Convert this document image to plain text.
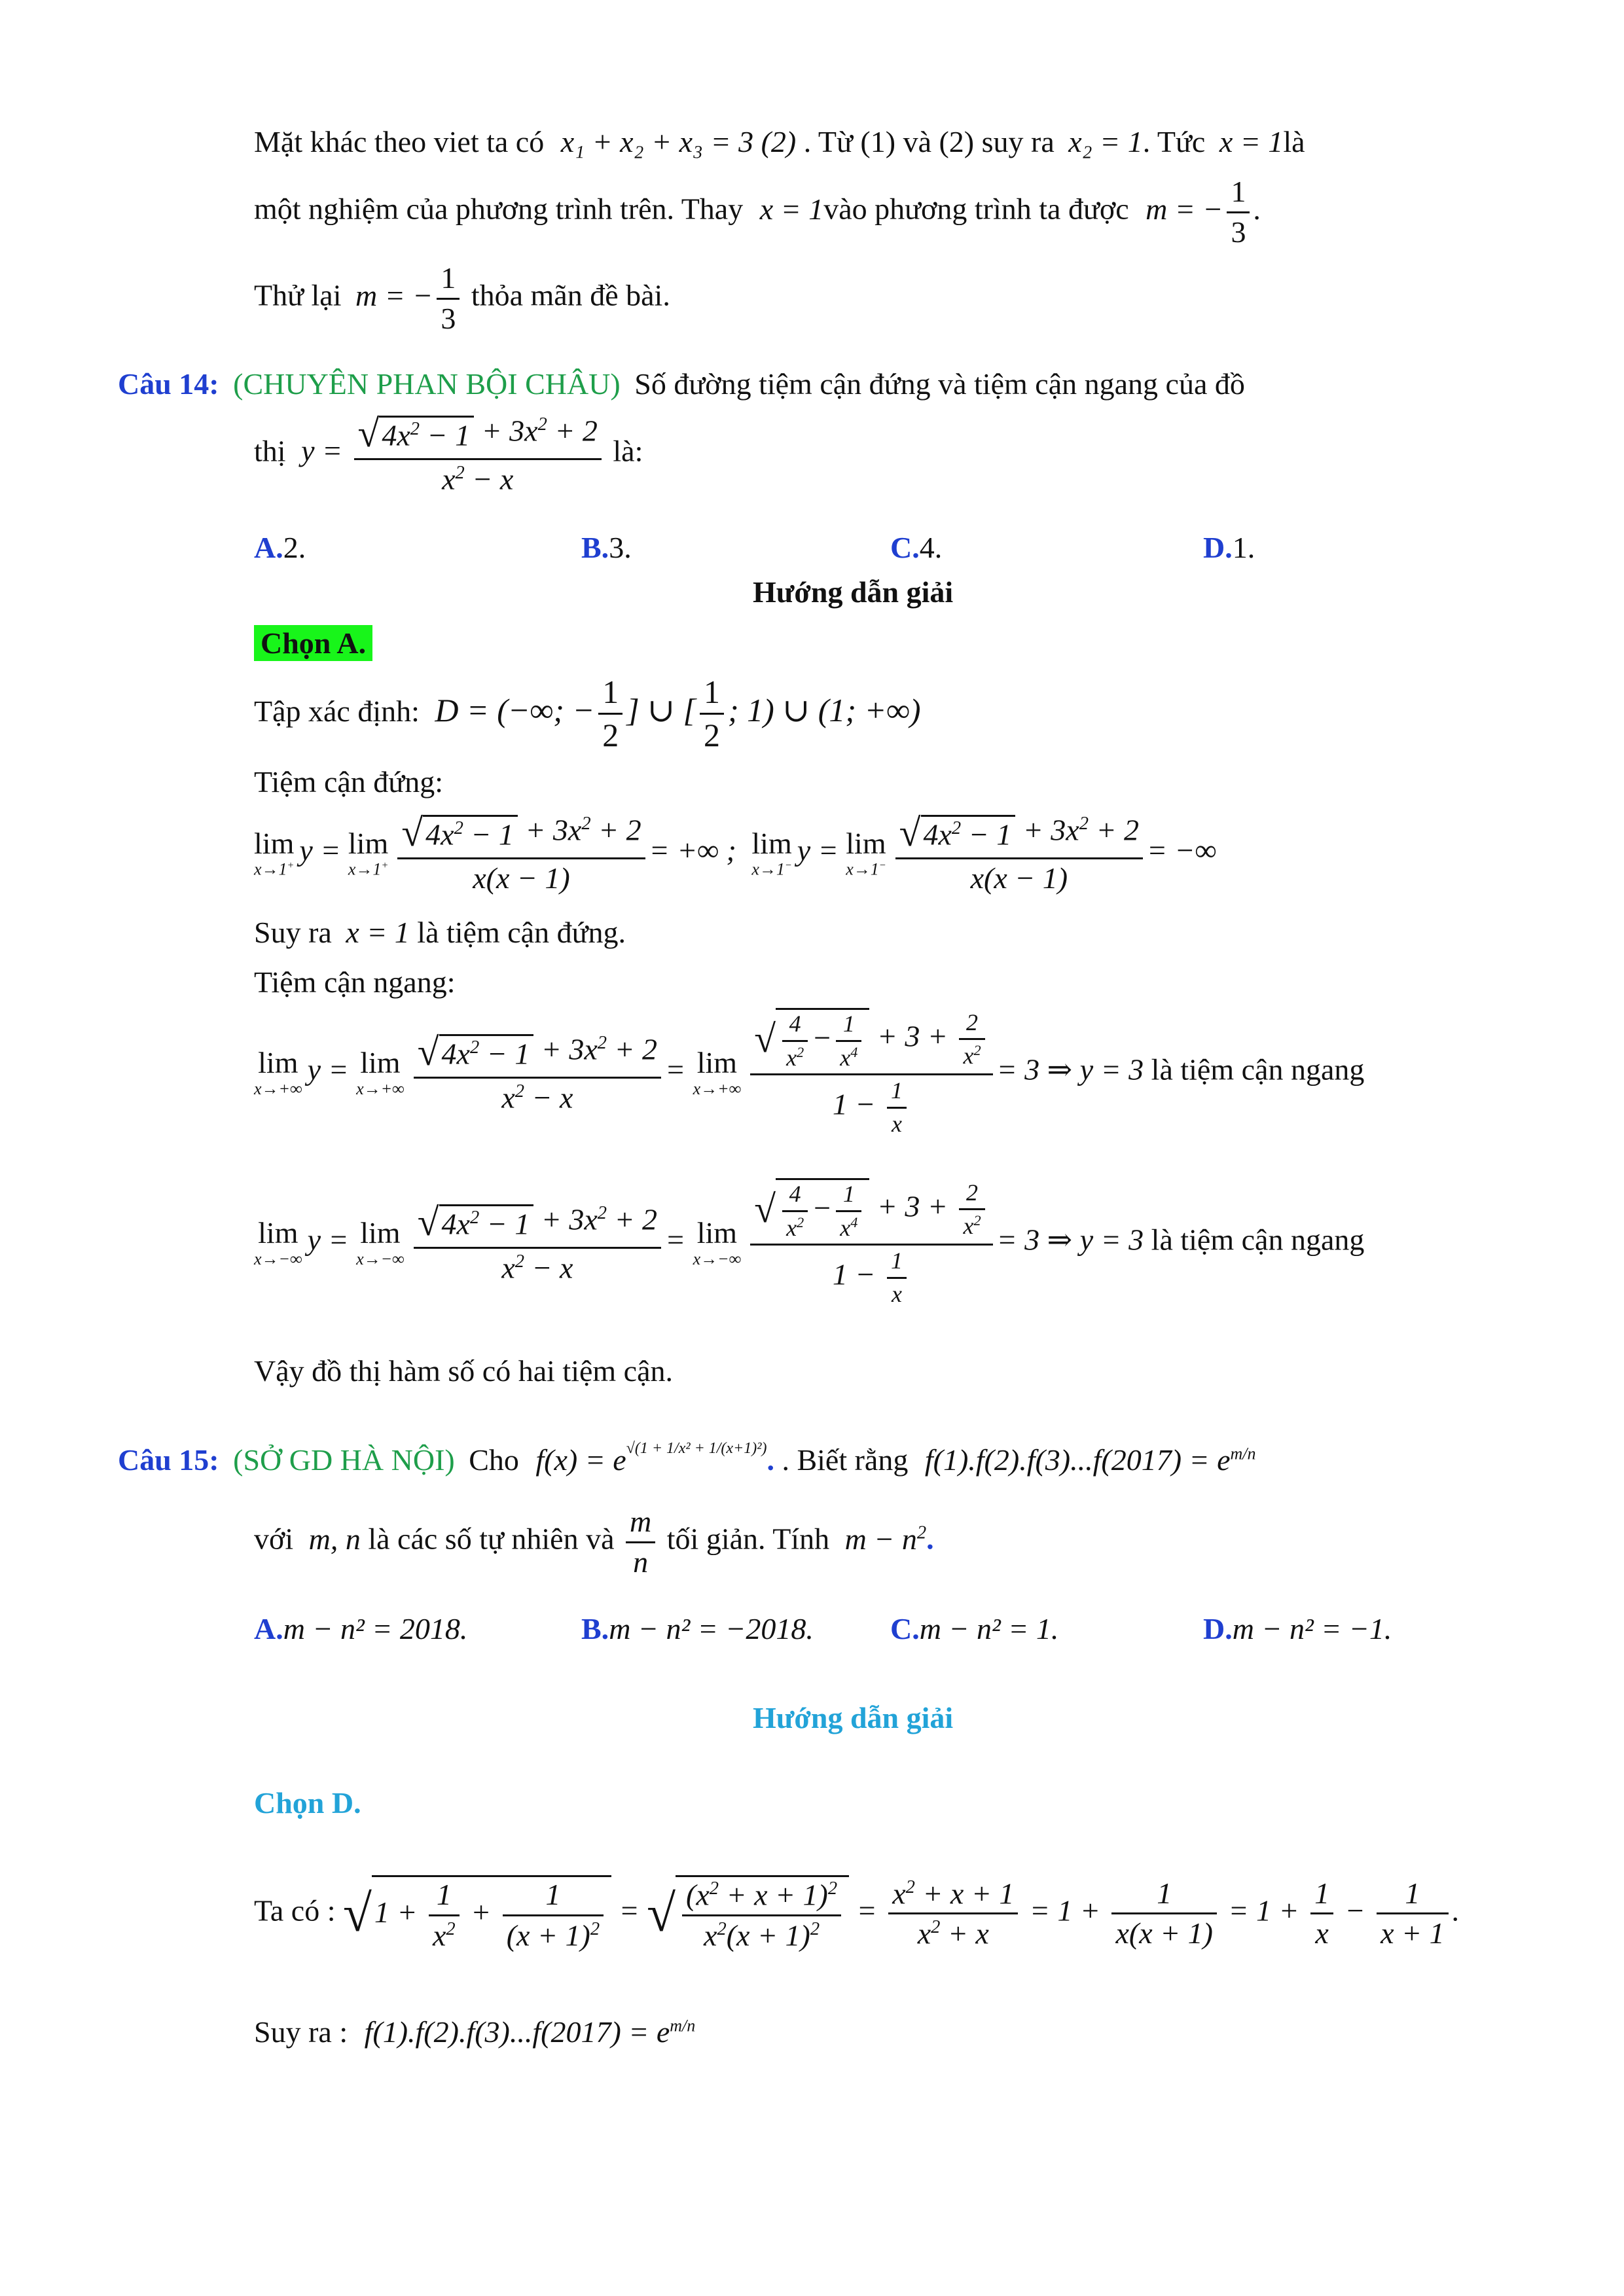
Mặt khác theo viet ta có x₁ + x₂ + x₃ = 3 (2) . Từ (1) và (2) suy ra x₂ = 1. Tức x = 1là
một nghiệm của phương trình trên. Thay x = 1vào phương trình ta được m = − $\frac{1}{3}$ .
Thử lại m = − $\frac{1}{3}$ thỏa mãn đề bài.
Câu 14: (CHUYÊN PHAN BỘI CHÂU) Số đường tiệm cận đứng và tiệm cận ngang của đồ
thị $y = \frac{√4x^2 - 1 + 3x^2 + 2}{x^2 - x}$ là:
A.2.	B.3.	C.4.	D.1.
Hướng dẫn giải
Chọn A.
Tập xác định: D = (−∞; − $\frac{1}{2}$ ] ∪ [ $\frac{1}{2}$ ; 1) ∪ (1; +∞)
Tiệm cận đứng:
lim
x→1+ y = lim
$x\to 1^+ \frac{√4x^2 - 1 + 3x^2 + 2}{x(x - 1)}$ = +∞ ; lim
x→1− y = lim
$x\to 1^- \frac{√4x^2 - 1 + 3x^2 + 2}{x(x - 1)}$ = −∞
Suy ra x = 1 là tiệm cận đứng.
Tiệm cận ngang:
lim
x→+∞
y = lim
$x\to+\infty \frac{√4x^2 - 1 + 3x^2 + 2}{x^2 - x} = \lim$
$x\to+\infty \frac{√ \frac{4}{x^2} - \frac{1}{x^4} + 3 + \frac{2}{x^2}}{1 - \frac{1}{x}} = 3$ ⇒ y = 3 là tiệm cận ngang
lim
x→−∞
y = lim
$x\to-\infty \frac{√4x^2 - 1 + 3x^2 + 2}{x^2 - x} = \lim$
$x\to-\infty \frac{√ \frac{4}{x^2} - \frac{1}{x^4} + 3 + \frac{2}{x^2}}{1 - \frac{1}{x}} = 3$ ⇒ y = 3 là tiệm cận ngang
Vậy đồ thị hàm số có hai tiệm cận.
Câu 15: (SỞ GD HÀ NỘI) Cho $f(x) = e^{√(1 + 1/x^2 + 1/(x+1)^2)}$. . Biết rằng $f(1).f(2).f(3)...f(2017) = e^{m/n}$
với m, n là các số tự nhiên và $\frac{m}{n}$ tối giản. Tính $m - n^2$.
A.m − n² = 2018.	B.m − n² = −2018.	C.m − n² = 1.	D.m − n² = −1.
Hướng dẫn giải
Chọn D.
Ta có : $√1 + \frac{1}{x^2} + \frac{1}{(x + 1)^2}$ = √ $\frac{(x^2 + x + 1)^2}{x^2(x + 1)^2} = \frac{x^2 + x + 1}{x^2 + x} = 1 + \frac{1}{x(x + 1)} = 1 + \frac{1}{x} - \frac{1}{x + 1}$ .
Suy ra : $f(1).f(2).f(3)...f(2017) = e^{m/n}$
